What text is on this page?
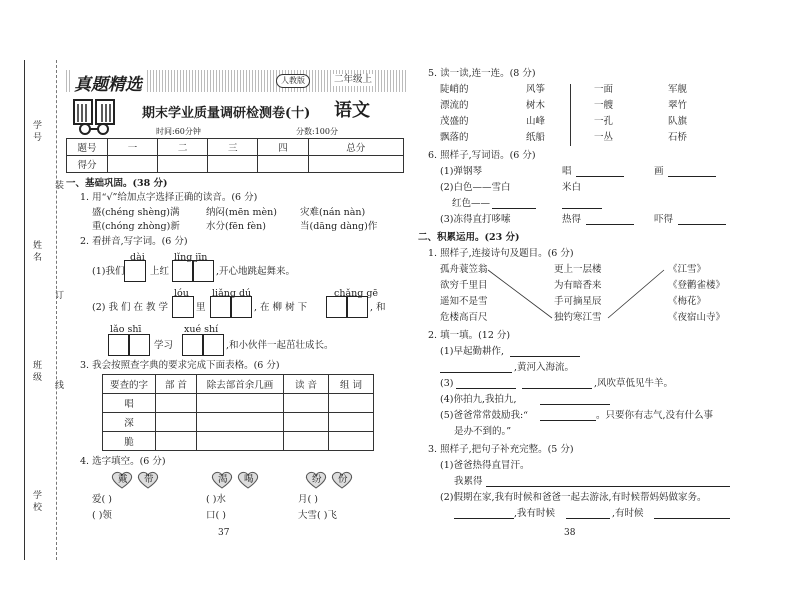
学 号
姓 名
班 级
学 校
装
订
线
真题精选	人教版	二年级上
期末学业质量调研检测卷(十) 语文
时间:60分钟	分数:100分
题号	一	二	三	四	总分
得分					
一、基础巩固。(38 分)
1. 用“√”给加点字选择正确的读音。(6 分)
盛(chéng shèng)满	纳闷(mēn mèn) 灾难(nán nàn)
重(chóng zhòng)新	水分(fēn fèn)	当(dāng dàng)作
2. 看拼音,写字词。(6 分)
dài	lǐng jīn
(1)我们	上红	,开心地跳起舞来。
lóu liǎng dú	chǎng gē
(2) 我 们 在 教 学	里	, 在 柳 树 下	, 和
lǎo shī	xué shí
学习	,和小伙伴一起茁壮成长。
3. 我会按照查字典的要求完成下面表格。(6 分)
要查的字	部 首	除去部首余几画	读 音	组 词
唱				
深				
脆				
4. 选字填空。(6 分)
戴 带	渴 喝	纷 份
爱( )	( )水	月( )
( )领	口( )	大雪( )飞
37
5. 读一读,连一连。(8 分)
陡峭的
漂流的
茂盛的
飘落的
风筝
树木
山峰
纸船
一面
一艘
一孔
一丛
军舰
翠竹
队旗
石桥
6. 照样子,写词语。(6 分)
(1)弹钢琴	唱	画
(2)白色——雪白	米白
红色——
(3)冻得直打哆嗦	热得	吓得
二、积累运用。(23 分)
1. 照样子,连接诗句及题目。(6 分)
孤舟蓑笠翁
欲穷千里目
遥知不是雪
危楼高百尺
更上一层楼
为有暗香来
手可摘星辰
独钓寒江雪
《江雪》
《登鹳雀楼》
《梅花》
《夜宿山寺》
2. 填一填。(12 分)
(1)早起勤耕作,
,黄河入海流。
(3)	,风吹草低见牛羊。
(4)你拍九,我拍九,
(5)爸爸常常鼓励我:“	。只要你有志气,没有什么事
是办不到的。”
3. 照样子,把句子补充完整。(5 分)
(1)爸爸热得直冒汗。
我累得
(2)假期在家,我有时候和爸爸一起去游泳,有时候帮妈妈做家务。
,我有时候	,有时候
38
